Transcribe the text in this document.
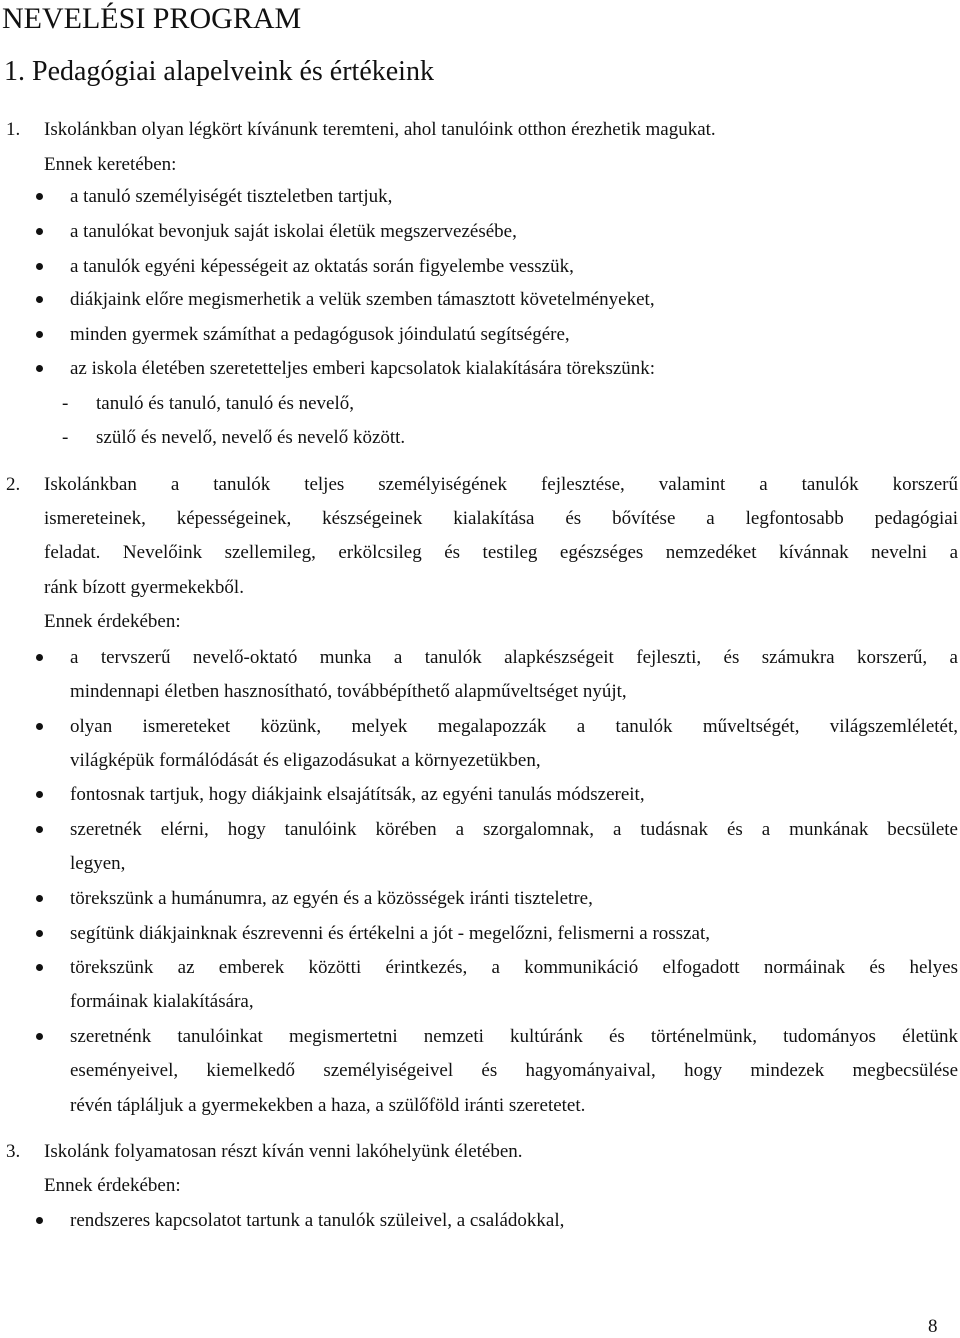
NEVELÉSI PROGRAM
1. Pedagógiai alapelveink és értékeink
1. Iskolánkban olyan légkört kívánunk teremteni, ahol tanulóink otthon érezhetik magukat.
Ennek keretében:
a tanuló személyiségét tiszteletben tartjuk,
a tanulókat bevonjuk saját iskolai életük megszervezésébe,
a tanulók egyéni képességeit az oktatás során figyelembe vesszük,
diákjaink előre megismerhetik a velük szemben támasztott követelményeket,
minden gyermek számíthat a pedagógusok jóindulatú segítségére,
az iskola életében szeretetteljes emberi kapcsolatok kialakítására törekszünk:
- tanuló és tanuló, tanuló és nevelő,
- szülő és nevelő, nevelő és nevelő között.
2. Iskolánkban a tanulók teljes személyiségének fejlesztése, valamint a tanulók korszerű
ismereteinek, képességeinek, készségeinek kialakítása és bővítése a legfontosabb pedagógiai
feladat. Nevelőink szellemileg, erkölcsileg és testileg egészséges nemzedéket kívánnak nevelni a
ránk bízott gyermekekből.
Ennek érdekében:
a tervszerű nevelő-oktató munka a tanulók alapkészségeit fejleszti, és számukra korszerű, a
mindennapi életben hasznosítható, továbbépíthető alapműveltséget nyújt,
olyan ismereteket közünk, melyek megalapozzák a tanulók műveltségét, világszemléletét,
világképük formálódását és eligazodásukat a környezetükben,
fontosnak tartjuk, hogy diákjaink elsajátítsák, az egyéni tanulás módszereit,
szeretnék elérni, hogy tanulóink körében a szorgalomnak, a tudásnak és a munkának becsülete
legyen,
törekszünk a humánumra, az egyén és a közösségek iránti tiszteletre,
segítünk diákjainknak észrevenni és értékelni a jót - megelőzni, felismerni a rosszat,
törekszünk az emberek közötti érintkezés, a kommunikáció elfogadott normáinak és helyes
formáinak kialakítására,
szeretnénk tanulóinkat megismertetni nemzeti kultúránk és történelmünk, tudományos életünk
eseményeivel, kiemelkedő személyiségeivel és hagyományaival, hogy mindezek megbecsülése
révén tápláljuk a gyermekekben a haza, a szülőföld iránti szeretetet.
3. Iskolánk folyamatosan részt kíván venni lakóhelyünk életében.
Ennek érdekében:
rendszeres kapcsolatot tartunk a tanulók szüleivel, a családokkal,
8
